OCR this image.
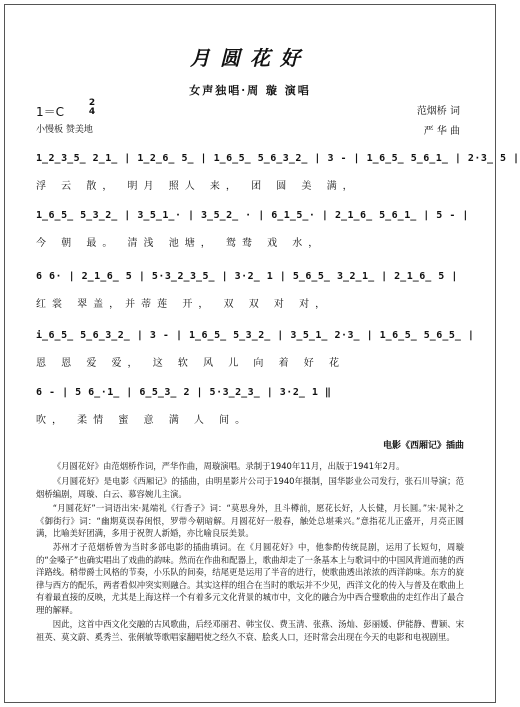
月圆花好
女声独唱·周 璇 演唱
1＝C
2
4
小慢板 赞美地
范烟桥 词
严 华 曲
1̲2̲3̲5̲ 2̲1̲ | 1̲2̲6̲ 5̲ | 1̲6̲5̲ 5̲6̲3̲2̲ | 3 - | 1̲6̲5̲ 5̲6̲1̲ | 2·3̲ 5 |
浮 云 散， 明月 照人 来， 团 圆 美 满，
1̲6̲5̲ 5̲3̲2̲ | 3̲5̲1̲· | 3̲5̲2̲ · | 6̲1̲5̲· | 2̲1̲6̲ 5̲6̲1̲ | 5 - |
今 朝 最。 清浅 池塘， 鸳鸯 戏 水，
6 6· | 2̲1̲6̲ 5 | 5·3̲2̲3̲5̲ | 3·2̲ 1 | 5̲6̲5̲ 3̲2̲1̲ | 2̲1̲6̲ 5 |
红裳 翠盖，并蒂莲 开， 双 双 对 对，
i̲6̲5̲ 5̲6̲3̲2̲ | 3 - | 1̲6̲5̲ 5̲3̲2̲ | 3̲5̲1̲ 2·3̲ | 1̲6̲5̲ 5̲6̲5̲ |
恩 恩 爱 爱， 这 软 风 儿 向 着 好 花
6 - | 5 6̲·1̲ | 6̲5̲3̲ 2 | 5·3̲2̲3̲ | 3·2̲ 1 ‖
吹， 柔情 蜜 意 满 人 间。
电影《西厢记》插曲
《月圆花好》由范烟桥作词，严华作曲，周璇演唱。录制于1940年11月，出版于1941年2月。
《月圆花好》是电影《西厢记》的插曲，由明星影片公司于1940年摄制，国华影业公司发行，张石川导演；范烟桥编剧，周璇、白云、慕容婉儿主演。
“月圆花好”一词语出宋·晁端礼《行香子》词：“莫思身外，且斗樽前，愿花长好，人长健，月长圆。”宋·晁补之《御街行》词：“幽期莫误春闺恨，罗带今朝暗解。月圆花好一般春，触处总堪乘兴。”意指花儿正盛开，月亮正圆满，比喻美好团满，多用于祝贺人新婚，亦比喻良辰美景。
苏州才子范烟桥曾为当时多部电影的插曲填词。在《月圆花好》中，他参酌传统昆剧，运用了长短句，周璇的“金嗓子”也确实唱出了戏曲的韵味。然而在作曲和配器上，歌曲却走了一条基本上与歌词中的中国风背道而驰的西洋路线。稍带爵士风格的节奏，小乐队的间奏，结尾更是运用了半音的进行，使歌曲透出浓浓的西洋韵味。东方的旋律与西方的配乐，两者看似冲突实则融合。其实这样的组合在当时的歌坛并不少见，西洋文化的传入与普及在歌曲上有着最直接的反映，尤其是上海这样一个有着多元文化背景的城市中，文化的融合为中西合璧歌曲的走红作出了最合理的解释。
因此，这首中西文化交融的古风歌曲，后经邓丽君、韩宝仪、费玉清、张燕、汤灿、彭丽媛、伊能静、曹颖、宋祖英、莫文蔚、奚秀兰、张俐敏等歌唱家翻唱使之经久不衰、脍炙人口，还时常会出现在今天的电影和电视剧里。
